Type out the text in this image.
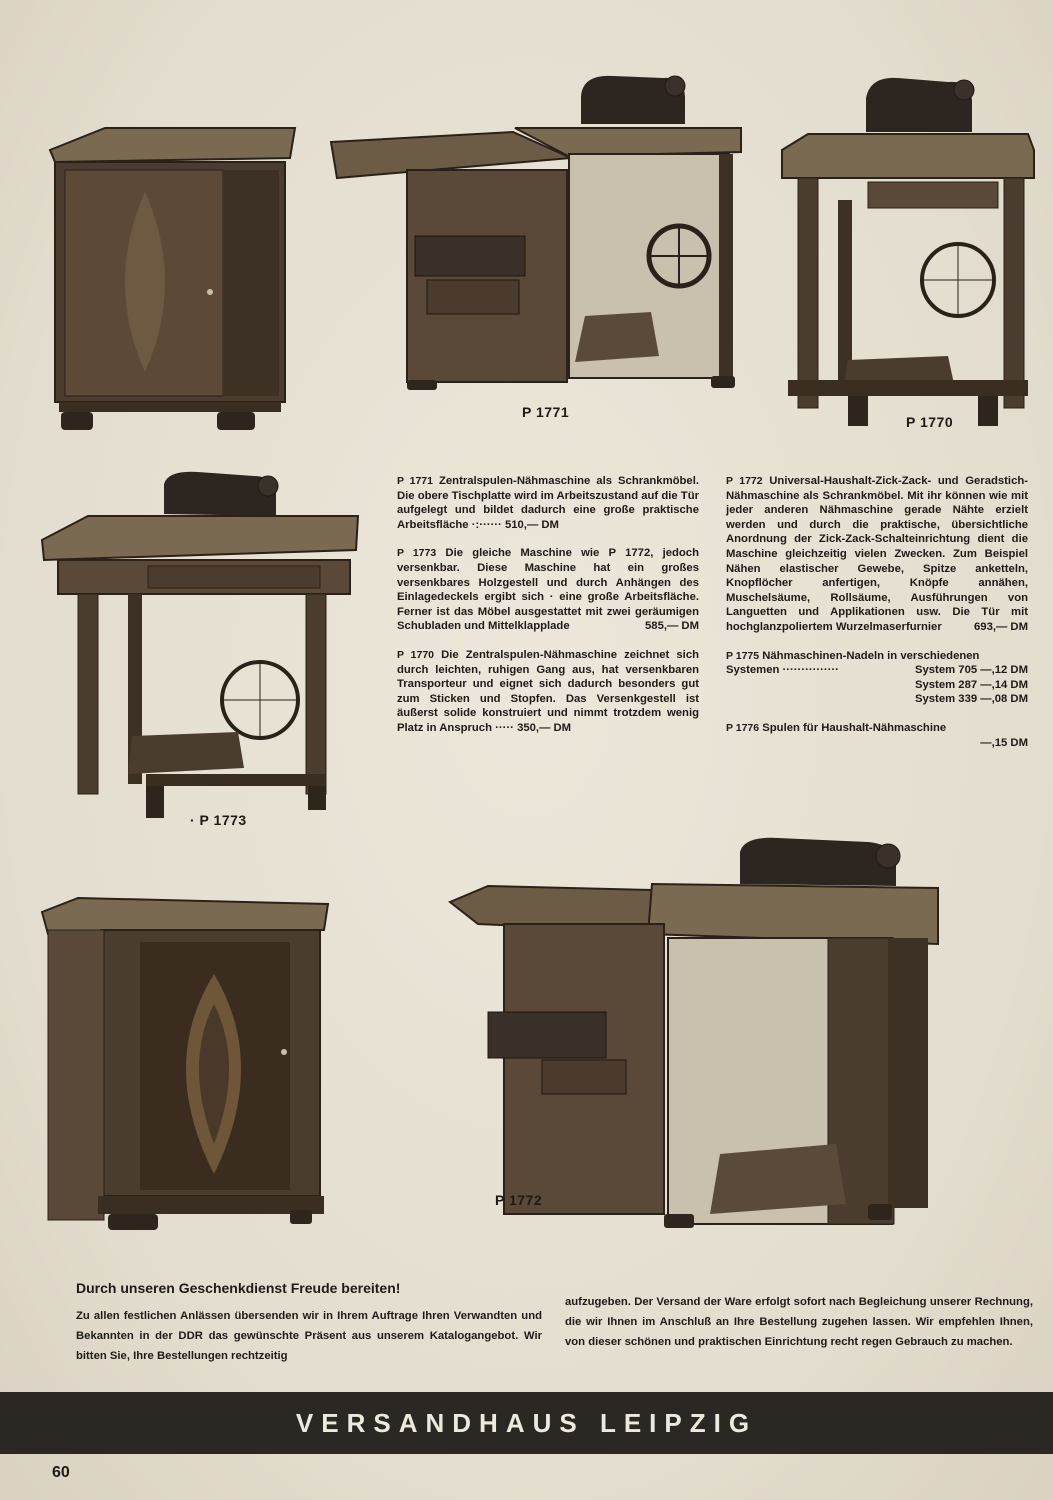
P 1771
P 1770
· P 1773
P 1772

P 1771 Zentralspulen-Nähmaschine als Schrankmöbel. Die obere Tischplatte wird im Arbeitszustand auf die Tür aufgelegt und bildet dadurch eine große praktische Arbeitsfläche ·:······ 510,— DM

P 1773 Die gleiche Maschine wie P 1772, jedoch versenkbar. Diese Maschine hat ein großes versenkbares Holzgestell und durch Anhängen des Einlagedeckels ergibt sich · eine große Arbeitsfläche. Ferner ist das Möbel ausgestattet mit zwei geräumigen Schubladen und Mittelklapplade	585,— DM

P 1770 Die Zentralspulen-Nähmaschine zeichnet sich durch leichten, ruhigen Gang aus, hat versenkbaren Transporteur und eignet sich dadurch besonders gut zum Sticken und Stopfen. Das Versenkgestell ist äußerst solide konstruiert und nimmt trotzdem wenig Platz in Anspruch ····· 350,— DM

P 1772 Universal-Haushalt-Zick-Zack- und Geradstich-Nähmaschine als Schrankmöbel. Mit ihr können wie mit jeder anderen Nähmaschine gerade Nähte erzielt werden und durch die praktische, übersichtliche Anordnung der Zick-Zack-Schalteinrichtung dient die Maschine gleichzeitig vielen Zwecken. Zum Beispiel Nähen elastischer Gewebe, Spitze anketteln, Knopflöcher anfertigen, Knöpfe annähen, Muschelsäume, Rollsäume, Ausführungen von Languetten und Applikationen usw. Die Tür mit hochglanzpoliertem Wurzelmaserfurnier	693,— DM

P 1775 Nähmaschinen-Nadeln in verschiedenen
Systemen ···············	System 705 —,12 DM
System 287 —,14 DM
System 339 —,08 DM
P 1776 Spulen für Haushalt-Nähmaschine
—,15 DM
Durch unseren Geschenkdienst Freude bereiten!
Zu allen festlichen Anlässen übersenden wir in Ihrem Auftrage Ihren Verwandten und Bekannten in der DDR das gewünschte Präsent aus unserem Katalogangebot. Wir bitten Sie, Ihre Bestellungen rechtzeitig
aufzugeben. Der Versand der Ware erfolgt sofort nach Begleichung unserer Rechnung, die wir Ihnen im Anschluß an Ihre Bestellung zugehen lassen. Wir empfehlen Ihnen, von dieser schönen und praktischen Einrichtung recht regen Gebrauch zu machen.
VERSANDHAUS LEIPZIG
60
